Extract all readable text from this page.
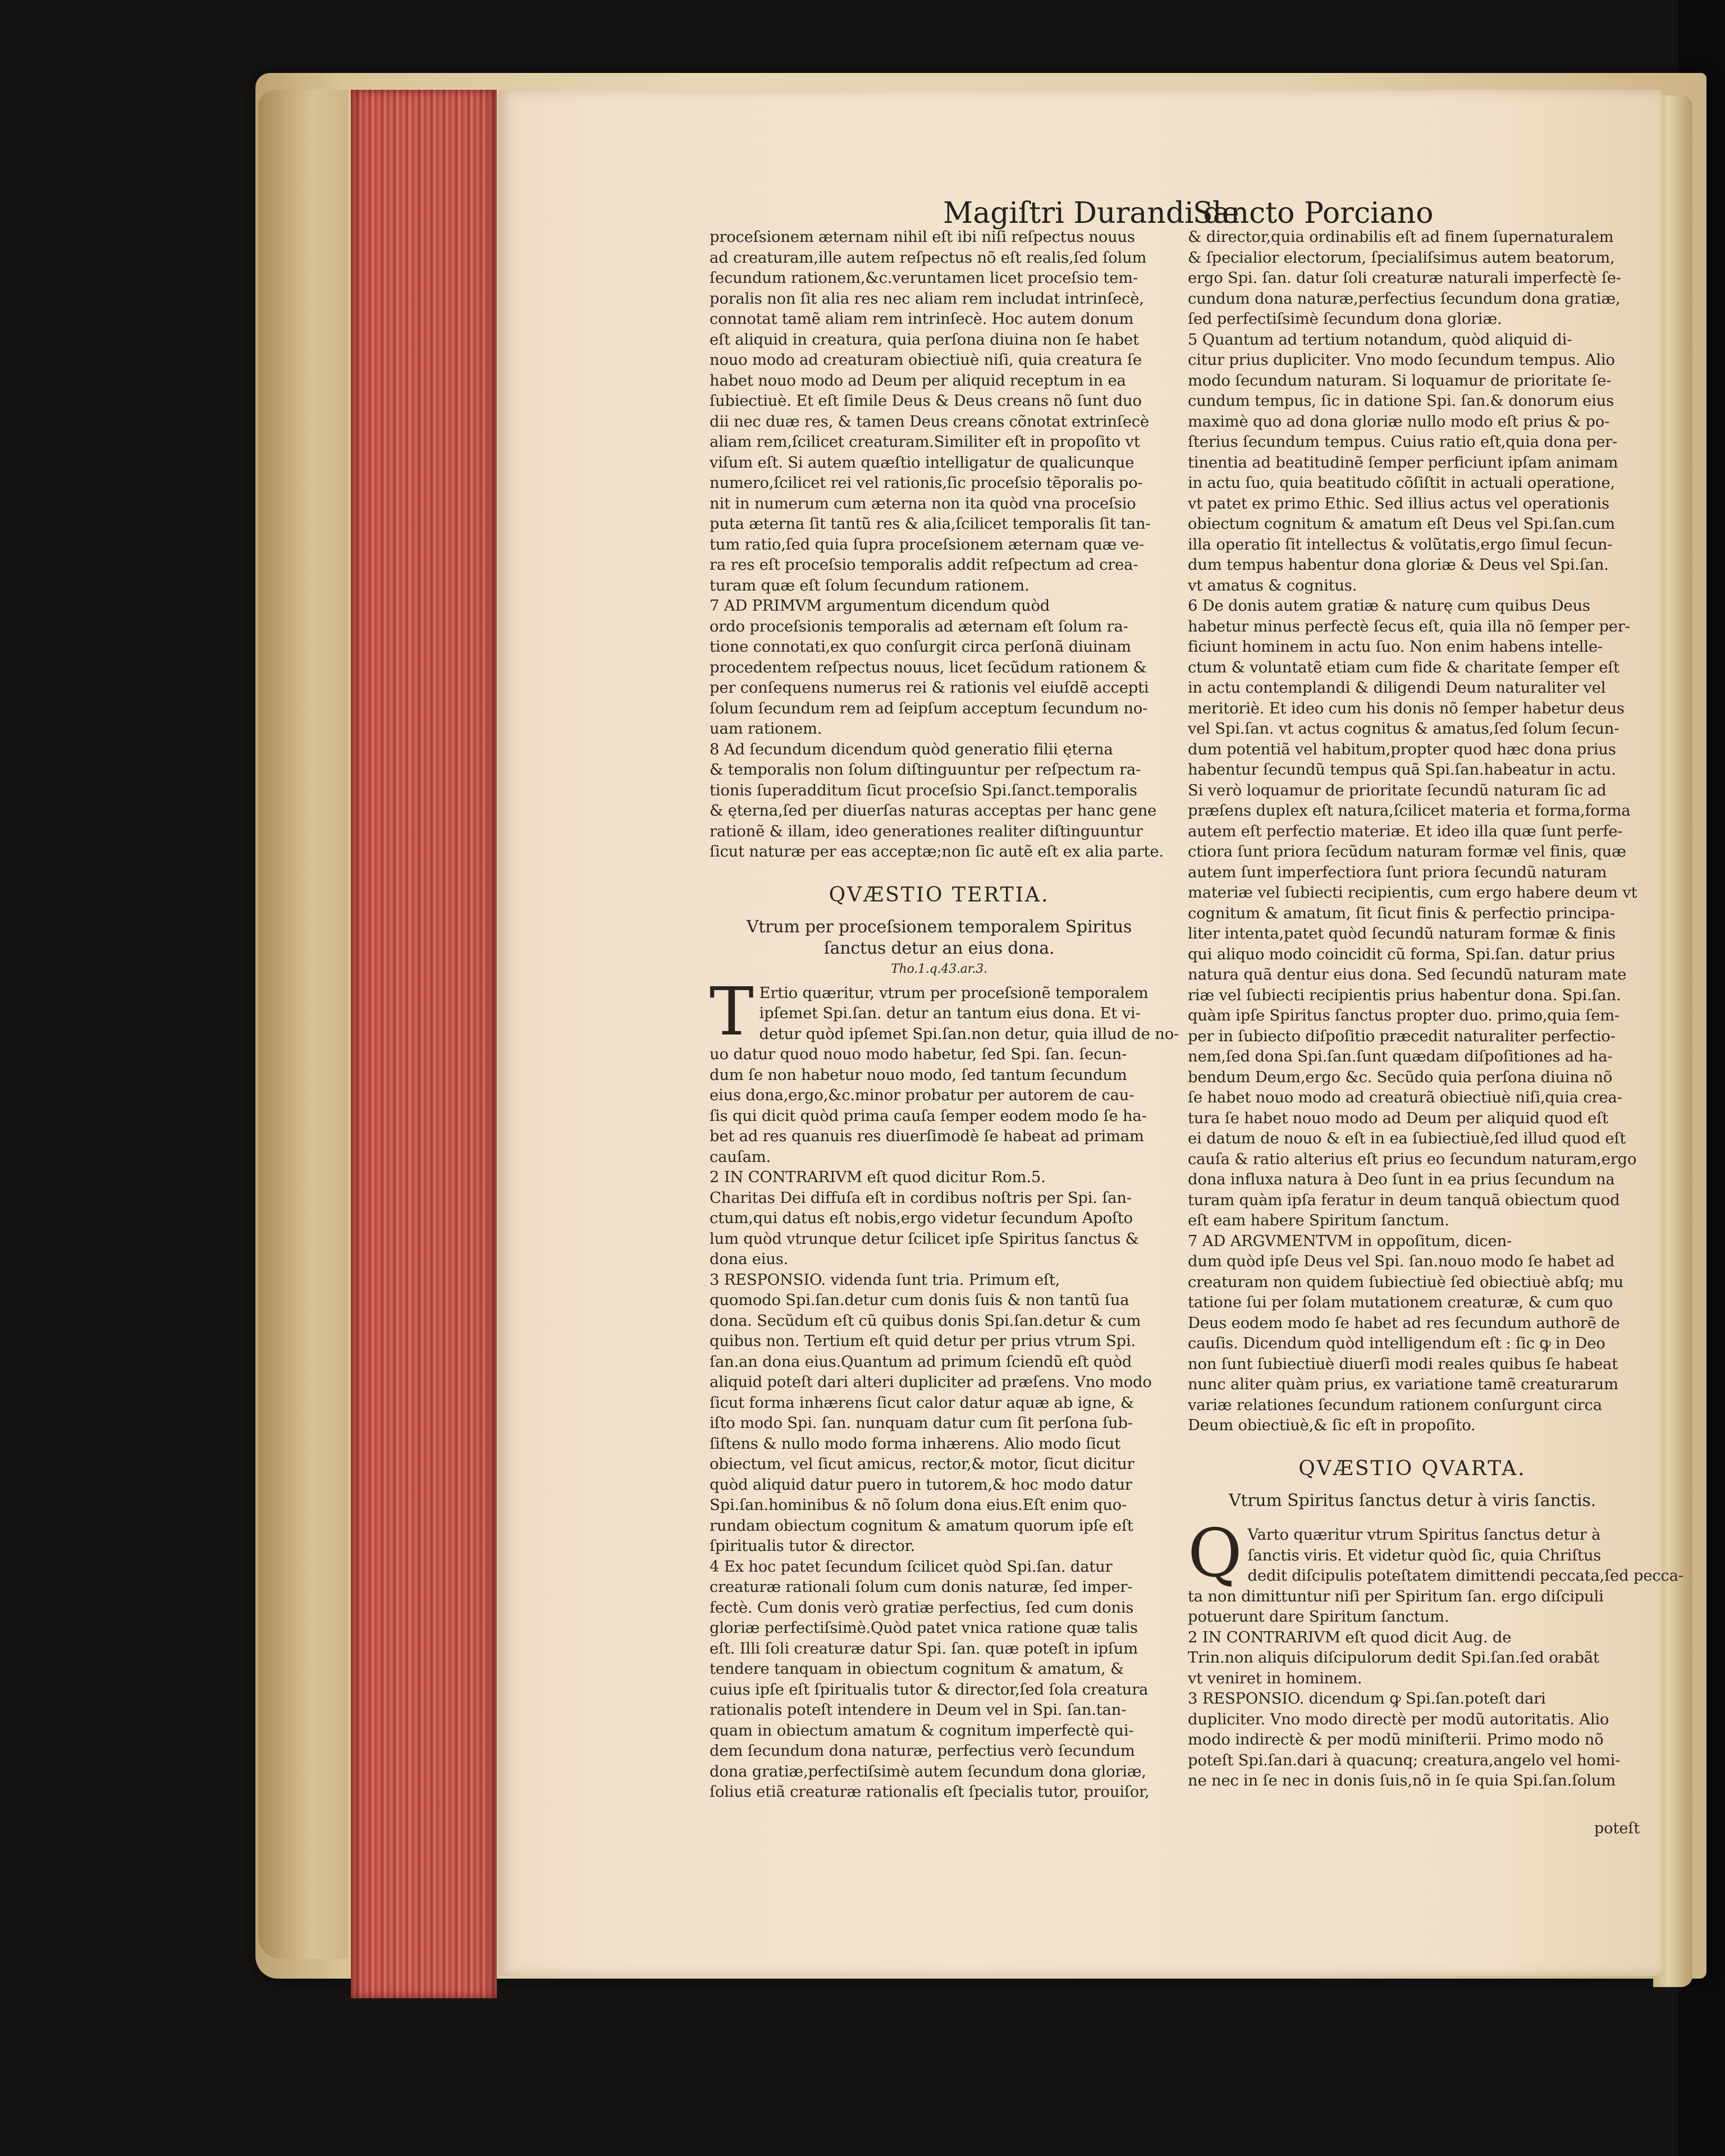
Magiſtri Durandi de
Sancto Porciano
proceſsionem æternam nihil eſt ibi niſi reſpectus nouus
ad creaturam,ille autem reſpectus nõ eſt realis,ſed ſolum
ſecundum rationem,&c.veruntamen licet proceſsio tem-
poralis non ſit alia res nec aliam rem includat intrinſecè,
connotat tamẽ aliam rem intrinſecè. Hoc autem donum
eſt aliquid in creatura, quia perſona diuina non ſe habet
nouo modo ad creaturam obiectiuè niſi, quia creatura ſe
habet nouo modo ad Deum per aliquid receptum in ea
ſubiectiuè. Et eſt ſimile Deus & Deus creans nõ ſunt duo
dii nec duæ res, & tamen Deus creans cõnotat extrinſecè
aliam rem,ſcilicet creaturam.Similiter eſt in propoſito vt
viſum eſt. Si autem quæſtio intelligatur de qualicunque
numero,ſcilicet rei vel rationis,ſic proceſsio tẽporalis po-
nit in numerum cum æterna non ita quòd vna proceſsio
puta æterna ſit tantũ res & alia,ſcilicet temporalis ſit tan-
tum ratio,ſed quia ſupra proceſsionem æternam quæ ve-
ra res eſt proceſsio temporalis addit reſpectum ad crea-
turam quæ eſt ſolum ſecundum rationem.
7 AD PRIMVM argumentum dicendum quòd
ordo proceſsionis temporalis ad æternam eſt ſolum ra-
tione connotati,ex quo conſurgit circa perſonã diuinam
procedentem reſpectus nouus, licet ſecũdum rationem &
per conſequens numerus rei & rationis vel eiuſdẽ accepti
ſolum ſecundum rem ad ſeipſum acceptum ſecundum no-
uam rationem.
8 Ad ſecundum dicendum quòd generatio filii ęterna
& temporalis non ſolum diſtinguuntur per reſpectum ra-
tionis ſuperadditum ſicut proceſsio Spi.ſanct.temporalis
& ęterna,ſed per diuerſas naturas acceptas per hanc gene
rationẽ & illam, ideo generationes realiter diſtinguuntur
ſicut naturæ per eas acceptæ;non ſic autẽ eſt ex alia parte.
QVÆSTIO TERTIA.
Vtrum per proceſsionem temporalem Spiritus
ſanctus detur an eius dona.
Tho.1.q.43.ar.3.
T Ertio quæritur, vtrum per proceſsionẽ temporalem
ipſemet Spi.ſan. detur an tantum eius dona. Et vi-
detur quòd ipſemet Spi.ſan.non detur, quia illud de no-
uo datur quod nouo modo habetur, ſed Spi. ſan. ſecun-
dum ſe non habetur nouo modo, ſed tantum ſecundum
eius dona,ergo,&c.minor probatur per autorem de cau-
ſis qui dicit quòd prima cauſa ſemper eodem modo ſe ha-
bet ad res quanuis res diuerſimodè ſe habeat ad primam
cauſam.
2 IN CONTRARIVM eſt quod dicitur Rom.5.
Charitas Dei diffuſa eſt in cordibus noſtris per Spi. ſan-
ctum,qui datus eſt nobis,ergo videtur ſecundum Apoſto
lum quòd vtrunque detur ſcilicet ipſe Spiritus ſanctus &
dona eius.
3 RESPONSIO. videnda ſunt tria. Primum eſt,
quomodo Spi.ſan.detur cum donis ſuis & non tantũ ſua
dona. Secũdum eſt cũ quibus donis Spi.ſan.detur & cum
quibus non. Tertium eſt quid detur per prius vtrum Spi.
ſan.an dona eius.Quantum ad primum ſciendũ eſt quòd
aliquid poteſt dari alteri dupliciter ad præſens. Vno modo
ſicut forma inhærens ſicut calor datur aquæ ab igne, &
iſto modo Spi. ſan. nunquam datur cum ſit perſona ſub-
ſiſtens & nullo modo forma inhærens. Alio modo ſicut
obiectum, vel ſicut amicus, rector,& motor, ſicut dicitur
quòd aliquid datur puero in tutorem,& hoc modo datur
Spi.ſan.hominibus & nõ ſolum dona eius.Eſt enim quo-
rundam obiectum cognitum & amatum quorum ipſe eſt
ſpiritualis tutor & director.
4 Ex hoc patet ſecundum ſcilicet quòd Spi.ſan. datur
creaturæ rationali ſolum cum donis naturæ, ſed imper-
fectè. Cum donis verò gratiæ perfectius, ſed cum donis
gloriæ perfectiſsimè.Quòd patet vnica ratione quæ talis
eſt. Illi ſoli creaturæ datur Spi. ſan. quæ poteſt in ipſum
tendere tanquam in obiectum cognitum & amatum, &
cuius ipſe eſt ſpiritualis tutor & director,ſed ſola creatura
rationalis poteſt intendere in Deum vel in Spi. ſan.tan-
quam in obiectum amatum & cognitum imperfectè qui-
dem ſecundum dona naturæ, perfectius verò ſecundum
dona gratiæ,perfectiſsimè autem ſecundum dona gloriæ,
ſolius etiã creaturæ rationalis eſt ſpecialis tutor, prouiſor,
& director,quia ordinabilis eſt ad finem ſupernaturalem
& ſpecialior electorum, ſpecialiſsimus autem beatorum,
ergo Spi. ſan. datur ſoli creaturæ naturali imperfectè ſe-
cundum dona naturæ,perfectius ſecundum dona gratiæ,
ſed perfectiſsimè ſecundum dona gloriæ.
5 Quantum ad tertium notandum, quòd aliquid di-
citur prius dupliciter. Vno modo ſecundum tempus. Alio
modo ſecundum naturam. Si loquamur de prioritate ſe-
cundum tempus, ſic in datione Spi. ſan.& donorum eius
maximè quo ad dona gloriæ nullo modo eſt prius & po-
ſterius ſecundum tempus. Cuius ratio eſt,quia dona per-
tinentia ad beatitudinẽ ſemper perficiunt ipſam animam
in actu ſuo, quia beatitudo cõſiſtit in actuali operatione,
vt patet ex primo Ethic. Sed illius actus vel operationis
obiectum cognitum & amatum eſt Deus vel Spi.ſan.cum
illa operatio ſit intellectus & volũtatis,ergo ſimul ſecun-
dum tempus habentur dona gloriæ & Deus vel Spi.ſan.
vt amatus & cognitus.
6 De donis autem gratiæ & naturę cum quibus Deus
habetur minus perfectè ſecus eſt, quia illa nõ ſemper per-
ficiunt hominem in actu ſuo. Non enim habens intelle-
ctum & voluntatẽ etiam cum fide & charitate ſemper eſt
in actu contemplandi & diligendi Deum naturaliter vel
meritoriè. Et ideo cum his donis nõ ſemper habetur deus
vel Spi.ſan. vt actus cognitus & amatus,ſed ſolum ſecun-
dum potentiã vel habitum,propter quod hæc dona prius
habentur ſecundũ tempus quã Spi.ſan.habeatur in actu.
Si verò loquamur de prioritate ſecundũ naturam ſic ad
præſens duplex eſt natura,ſcilicet materia et forma,forma
autem eſt perfectio materiæ. Et ideo illa quæ ſunt perfe-
ctiora ſunt priora ſecũdum naturam formæ vel finis, quæ
autem ſunt imperfectiora ſunt priora ſecundũ naturam
materiæ vel ſubiecti recipientis, cum ergo habere deum vt
cognitum & amatum, ſit ſicut finis & perfectio principa-
liter intenta,patet quòd ſecundũ naturam formæ & finis
qui aliquo modo coincidit cũ forma, Spi.ſan. datur prius
natura quã dentur eius dona. Sed ſecundũ naturam mate
riæ vel ſubiecti recipientis prius habentur dona. Spi.ſan.
quàm ipſe Spiritus ſanctus propter duo. primo,quia ſem-
per in ſubiecto diſpoſitio præcedit naturaliter perfectio-
nem,ſed dona Spi.ſan.ſunt quædam diſpoſitiones ad ha-
bendum Deum,ergo &c. Secũdo quia perſona diuina nõ
ſe habet nouo modo ad creaturã obiectiuè niſi,quia crea-
tura ſe habet nouo modo ad Deum per aliquid quod eſt
ei datum de nouo & eſt in ea ſubiectiuè,ſed illud quod eſt
cauſa & ratio alterius eſt prius eo ſecundum naturam,ergo
dona influxa natura à Deo ſunt in ea prius ſecundum na
turam quàm ipſa feratur in deum tanquã obiectum quod
eſt eam habere Spiritum ſanctum.
7 AD ARGVMENTVM in oppoſitum, dicen-
dum quòd ipſe Deus vel Spi. ſan.nouo modo ſe habet ad
creaturam non quidem ſubiectiuè ſed obiectiuè abſq; mu
tatione ſui per ſolam mutationem creaturæ, & cum quo
Deus eodem modo ſe habet ad res ſecundum authorẽ de
cauſis. Dicendum quòd intelligendum eſt : ſic ꝙ in Deo
non ſunt ſubiectiuè diuerſi modi reales quibus ſe habeat
nunc aliter quàm prius, ex variatione tamẽ creaturarum
variæ relationes ſecundum rationem conſurgunt circa
Deum obiectiuè,& ſic eſt in propoſito.
QVÆSTIO QVARTA.
Vtrum Spiritus ſanctus detur à viris ſanctis.
Q Varto quæritur vtrum Spiritus ſanctus detur à
ſanctis viris. Et videtur quòd ſic, quia Chriſtus
dedit diſcipulis poteſtatem dimittendi peccata,ſed pecca-
ta non dimittuntur niſi per Spiritum ſan. ergo diſcipuli
potuerunt dare Spiritum ſanctum.
2 IN CONTRARIVM eſt quod dicit Aug. de
Trin.non aliquis diſcipulorum dedit Spi.ſan.ſed orabãt
vt veniret in hominem.
3 RESPONSIO. dicendum ꝙ Spi.ſan.poteſt dari
dupliciter. Vno modo directè per modũ autoritatis. Alio
modo indirectè & per modũ miniſterii. Primo modo nõ
poteſt Spi.ſan.dari à quacunq; creatura,angelo vel homi-
ne nec in ſe nec in donis ſuis,nõ in ſe quia Spi.ſan.ſolum
poteſt
